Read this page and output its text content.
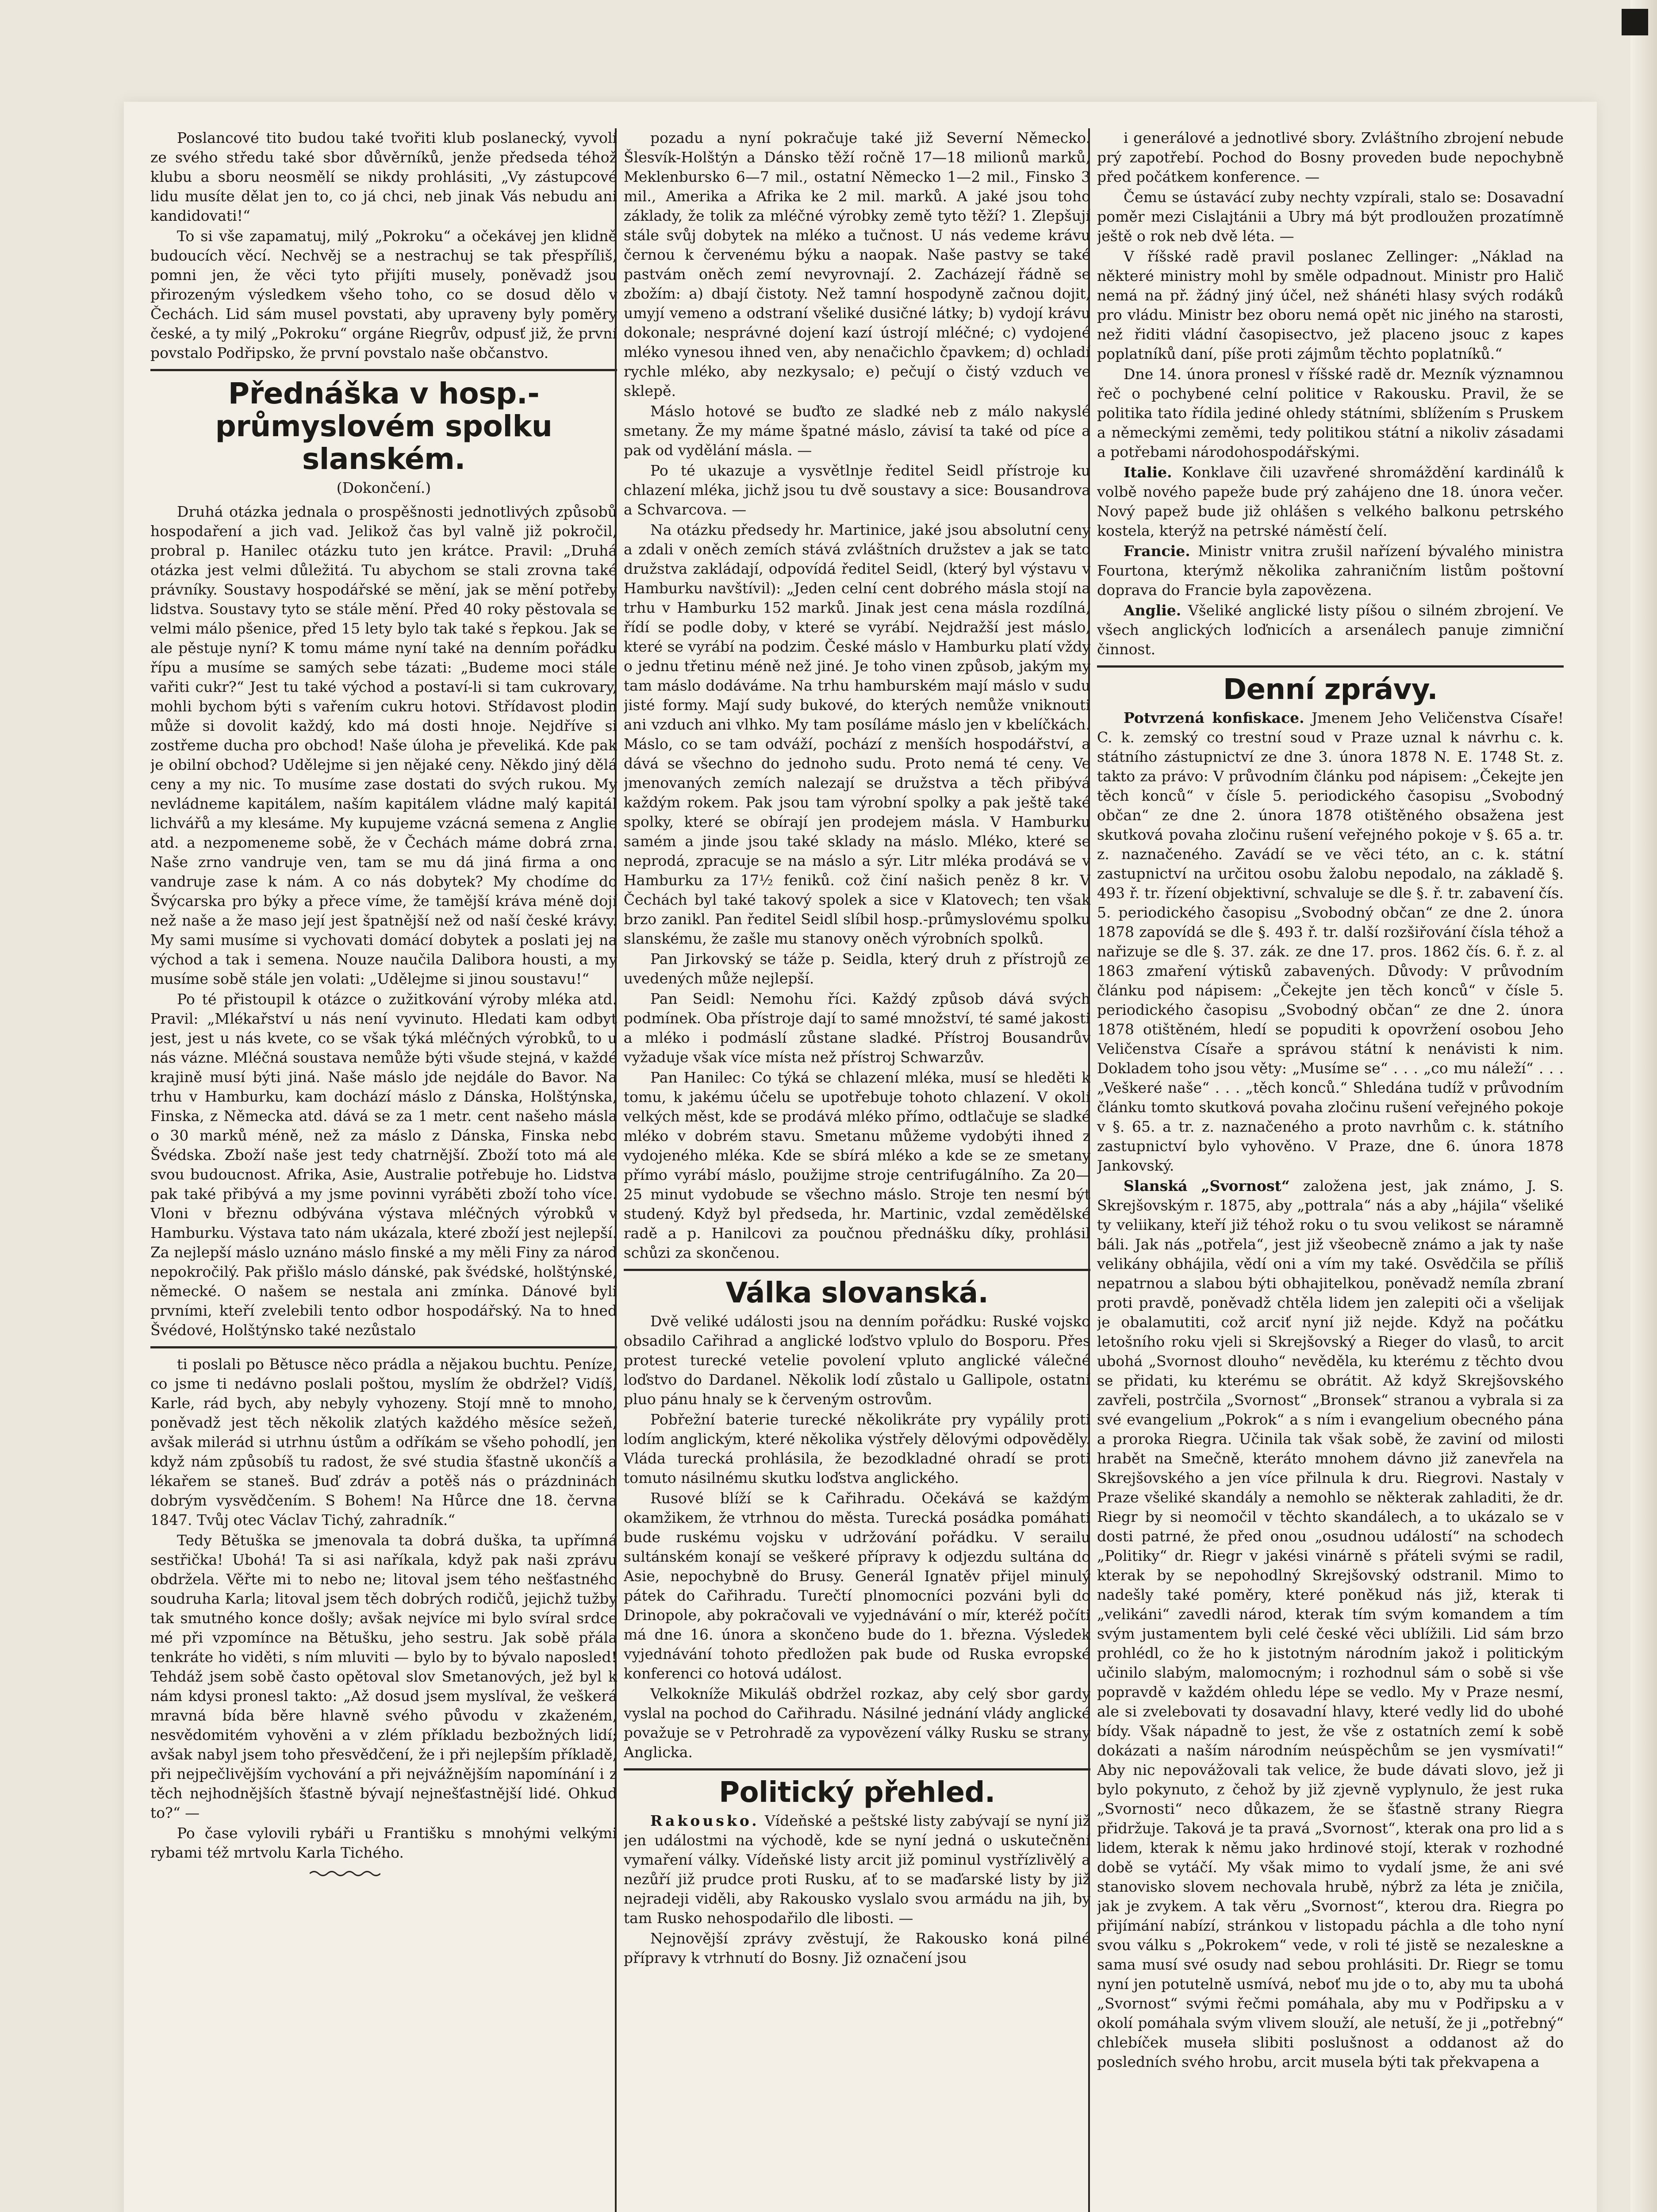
Poslancové tito budou také tvořiti klub poslanecký, vyvolí ze svého středu také sbor důvěrníků, jenže předseda téhož klubu a sboru neosmělí se nikdy prohlásiti, „Vy zástupcové lidu musíte dělat jen to, co já chci, neb jinak Vás nebudu ani kandidovati!“

To si vše zapamatuj, milý „Pokroku“ a očekávej jen klidně budoucích věcí. Nechvěj se a nestrachuj se tak přespříliš, pomni jen, že věci tyto přijíti musely, poněvadž jsou přirozeným výsledkem všeho toho, co se dosud dělo v Čechách. Lid sám musel povstati, aby upraveny byly poměry české, a ty milý „Pokroku“ orgáne Riegrův, odpusť již, že první povstalo Podřipsko, že první povstalo naše občanstvo.

Přednáška v hosp.-průmyslovém spolku slanském.
(Dokončení.)

Druhá otázka jednala o prospěšnosti jednotlivých způsobů hospodaření a jich vad. Jelikož čas byl valně již pokročil, probral p. Hanilec otázku tuto jen krátce. Pravil: „Druhá otázka jest velmi důležitá. Tu abychom se stali zrovna také právníky. Soustavy hospodářské se mění, jak se mění potřeby lidstva. Soustavy tyto se stále mění. Před 40 roky pěstovala se velmi málo pšenice, před 15 lety bylo tak také s řepkou. Jak se ale pěstuje nyní? K tomu máme nyní také na denním pořádku řípu a musíme se samých sebe tázati: „Budeme moci stále vařiti cukr?“ Jest tu také východ a postaví-li si tam cukrovary, mohli bychom býti s vařením cukru hotovi. Střídavost plodin může si dovolit každý, kdo má dosti hnoje. Nejdříve si zostřeme ducha pro obchod! Naše úloha je převeliká. Kde pak je obilní obchod? Udělejme si jen nějaké ceny. Někdo jiný dělá ceny a my nic. To musíme zase dostati do svých rukou. My nevládneme kapitálem, naším kapitálem vládne malý kapitál lichvářů a my klesáme. My kupujeme vzácná semena z Anglie atd. a nezpomeneme sobě, že v Čechách máme dobrá zrna. Naše zrno vandruje ven, tam se mu dá jiná firma a ono vandruje zase k nám. A co nás dobytek? My chodíme do Švýcarska pro býky a přece víme, že tamější kráva méně dojí než naše a že maso její jest špatnější než od naší české krávy. My sami musíme si vychovati domácí dobytek a poslati jej na východ a tak i semena. Nouze naučila Dalibora housti, a my musíme sobě stále jen volati: „Udělejme si jinou soustavu!“

Po té přistoupil k otázce o zužitkování výroby mléka atd. Pravil: „Mlékařství u nás není vyvinuto. Hledati kam odbyt jest, jest u nás kvete, co se však týká mléčných výrobků, to u nás vázne. Mléčná soustava nemůže býti všude stejná, v každé krajině musí býti jiná. Naše máslo jde nejdále do Bavor. Na trhu v Hamburku, kam dochází máslo z Dánska, Holštýnska, Finska, z Německa atd. dává se za 1 metr. cent našeho másla o 30 marků méně, než za máslo z Dánska, Finska nebo Švédska. Zboží naše jest tedy chatrnější. Zboží toto má ale svou budoucnost. Afrika, Asie, Australie potřebuje ho. Lidstva pak také přibývá a my jsme povinni vyráběti zboží toho více. Vloni v březnu odbývána výstava mléčných výrobků v Hamburku. Výstava tato nám ukázala, které zboží jest nejlepší. Za nejlepší máslo uznáno máslo finské a my měli Finy za národ nepokročilý. Pak přišlo máslo dánské, pak švédské, holštýnské, německé. O našem se nestala ani zmínka. Dánové byli prvními, kteří zvelebili tento odbor hospodářský. Na to hned Švédové, Holštýnsko také nezůstalo

ti poslali po Bětusce něco prádla a nějakou buchtu. Peníze, co jsme ti nedávno poslali poštou, myslím že obdržel? Vidíš, Karle, rád bych, aby nebyly vyhozeny. Stojí mně to mnoho, poněvadž jest těch několik zlatých každého měsíce sežeň, avšak milerád si utrhnu ústům a odříkám se všeho pohodlí, jen když nám způsobíš tu radost, že své studia šťastně ukončíš a lékařem se staneš. Buď zdráv a potěš nás o prázdninách dobrým vysvědčením. S Bohem! Na Hůrce dne 18. června 1847. Tvůj otec Václav Tichý, zahradník.“

Tedy Bětuška se jmenovala ta dobrá duška, ta upřímná sestřička! Ubohá! Ta si asi naříkala, když pak naši zprávu obdržela. Věřte mi to nebo ne; litoval jsem tého nešťastného soudruha Karla; litoval jsem těch dobrých rodičů, jejichž tužby tak smutného konce došly; avšak nejvíce mi bylo svíral srdce mé při vzpomínce na Bětušku, jeho sestru. Jak sobě přála tenkráte ho viděti, s ním mluviti — bylo by to bývalo naposled! Tehdáž jsem sobě často opětoval slov Smetanových, jež byl k nám kdysi pronesl takto: „Až dosud jsem myslíval, že veškerá mravná bída běre hlavně svého původu v zkaženém, nesvědomitém vyhověni a v zlém příkladu bezbožných lidí; avšak nabyl jsem toho přesvědčení, že i při nejlepším příkladě, při nejpečlivějším vychování a při nejvážnějším napomínání i z těch nejhodnějších šťastně bývají nejnešťastnější lidé. Ohkud to?“ —

Po čase vylovili rybáři u Františku s mnohými velkými rybami též mrtvolu Karla Tichého.

pozadu a nyní pokračuje také již Severní Německo. Šlesvík-Holštýn a Dánsko těží ročně 17—18 milionů marků, Meklenbursko 6—7 mil., ostatní Německo 1—2 mil., Finsko 3 mil., Amerika a Afrika ke 2 mil. marků. A jaké jsou toho základy, že tolik za mléčné výrobky země tyto těží? 1. Zlepšují stále svůj dobytek na mléko a tučnost. U nás vedeme krávu černou k červenému býku a naopak. Naše pastvy se také pastvám oněch zemí nevyrovnají. 2. Zacházejí řádně se zbožím: a) dbají čistoty. Než tamní hospodyně začnou dojit, umyjí vemeno a odstraní všeliké dusičné látky; b) vydojí krávu dokonale; nesprávné dojení kazí ústrojí mléčné; c) vydojené mléko vynesou ihned ven, aby nenačichlo čpavkem; d) ochladí rychle mléko, aby nezkysalo; e) pečují o čistý vzduch ve sklepě.

Máslo hotové se buďto ze sladké neb z málo nakyslé smetany. Že my máme špatné máslo, závisí ta také od pícе a pak od vydělání másla. —

Po té ukazuje a vysvětlnje ředitel Seidl přístroje ku chlazení mléka, jichž jsou tu dvě soustavy a sice: Bousandrova a Schvarcova. —

Na otázku předsedy hr. Martinice, jaké jsou absolutní ceny a zdali v oněch zemích stává zvláštních družstev a jak se tato družstva zakládají, odpovídá ředitel Seidl, (který byl výstavu v Hamburku navštívil): „Jeden celní cent dobrého másla stojí na trhu v Hamburku 152 marků. Jinak jest cena másla rozdílná, řídí se podle doby, v které se vyrábí. Nejdražší jest máslo, které se vyrábí na podzim. České máslo v Hamburku platí vždy o jednu třetinu méně než jiné. Je toho vinen způsob, jakým my tam máslo dodáváme. Na trhu hamburském mají máslo v sudu jisté formy. Mají sudy bukové, do kterých nemůže vniknouti ani vzduch ani vlhko. My tam posíláme máslo jen v kbelíčkách. Máslo, co se tam odváží, pochází z menších hospodářství, a dává se všechno do jednoho sudu. Proto nemá té ceny. Ve jmenovaných zemích nalezají se družstva a těch přibývá každým rokem. Pak jsou tam výrobní spolky a pak ještě také spolky, které se obírají jen prodejem másla. V Hamburku samém a jinde jsou také sklady na máslo. Mléko, které se neprodá, zpracuje se na máslo a sýr. Litr mléka prodává se v Hamburku za 17½ feniků. což činí našich peněz 8 kr. V Čechách byl také takový spolek a sice v Klatovech; ten však brzo zanikl. Pan ředitel Seidl slíbil hosp.-průmyslovému spolku slanskému, že zašle mu stanovy oněch výrobních spolků.

Pan Jirkovský se táže p. Seidla, který druh z přístrojů ze uvedených může nejlepší.

Pan Seidl: Nemohu říci. Každý způsob dává svých podmínek. Oba přístroje dají to samé množství, té samé jakosti a mléko i podmáslí zůstane sladké. Přístroj Bousandrův vyžaduje však více místa než přístroj Schwarzův.

Pan Hanilec: Co týká se chlazení mléka, musí se hleděti k tomu, k jakému účelu se upotřebuje tohoto chlazení. V okolí velkých měst, kde se prodává mléko přímo, odtlačuje se sladké mléko v dobrém stavu. Smetanu můžeme vydobýti ihned z vydojeného mléka. Kde se sbírá mléko a kde se ze smetany přímo vyrábí máslo, použijme stroje centrifugálního. Za 20—25 minut vydobude se všechno máslo. Stroje ten nesmí být studený. Když byl předseda, hr. Martinic, vzdal zemědělské radě a p. Hanilcovi za poučnou přednášku díky, prohlásil schůzi za skončenou.

Válka slovanská.

Dvě veliké události jsou na denním pořádku: Ruské vojsko obsadilo Cařihrad a anglické loďstvo vplulo do Bosporu. Přes protest turecké vetelie povolení vpluto anglické válečné loďstvo do Dardanel. Několik lodí zůstalo u Gallipole, ostatní pluo pánu hnaly se k červeným ostrovům.

Pobřežní baterie turecké několikráte pry vypálily proti lodím anglickým, které několika výstřely dělovými odpověděly. Vláda turecká prohlásila, že bezodkladné ohradí se proti tomuto násilnému skutku loďstva anglického.

Rusové blíží se k Cařihradu. Očekává se každým okamžikem, že vtrhnou do města. Turecká posádka pomáhati bude ruskému vojsku v udržování pořádku. V serailu sultánském konají se veškeré přípravy k odjezdu sultána do Asie, nepochybně do Brusy. Generál Ignatěv přijel minulý pátek do Cařihradu. Turečtí plnomocníci pozváni byli do Drinopole, aby pokračovali ve vyjednávání o mír, kteréž počíti má dne 16. února a skončeno bude do 1. března. Výsledek vyjednávání tohoto předložen pak bude od Ruska evropské konferenci co hotová událost.

Velkokníže Mikuláš obdržel rozkaz, aby celý sbor gardy vyslal na pochod do Cařihradu. Násilné jednání vlády anglické považuje se v Petrohradě za vypovězení války Rusku se strany Anglicka.

Politický přehled.

Rakousko. Vídeňské a peštské listy zabývají se nyní již jen událostmi na východě, kde se nyní jedná o uskutečnění vymaření války. Vídeňské listy arcit již pominul vystřízlivělý a nezůří již prudce proti Rusku, ať to se maďarské listy by již nejradeji viděli, aby Rakousko vyslalo svou armádu na jih, by tam Rusko nehospodařilo dle libosti. —

Nejnovější zprávy zvěstují, že Rakousko koná pilné přípravy k vtrhnutí do Bosny. Již označení jsou

i generálové a jednotlivé sbory. Zvláštního zbrojení nebude prý zapotřebí. Pochod do Bosny proveden bude nepochybně před počátkem konference. —

Čemu se ústavácí zuby nechty vzpírali, stalo se: Dosavadní poměr mezi Cislajtánii a Ubry má být prodloužen prozatímně ještě o rok neb dvě léta. —

V říšské radě pravil poslanec Zellinger: „Náklad na některé ministry mohl by směle odpadnout. Ministr pro Halič nemá na př. žádný jiný účel, než shánéti hlasy svých rodáků pro vládu. Ministr bez oboru nemá opět nic jiného na starosti, než řiditi vládní časopisectvo, jež placeno jsouc z kapes poplatníků daní, píše proti zájmům těchto poplatníků.“

Dne 14. února pronesl v říšské radě dr. Mezník významnou řeč o pochybené celní politice v Rakousku. Pravil, že se politika tato řídila jediné ohledy státními, sblížením s Pruskem a německými zeměmi, tedy politikou státní a nikoliv zásadami a potřebami národohospodářskými.

Italie. Konklave čili uzavřené shromáždění kardinálů k volbě nového papeže bude prý zahájeno dne 18. února večer. Nový papež bude již ohlášen s velkého balkonu petrského kostela, kterýž na petrské náměstí čelí.

Francie. Ministr vnitra zrušil nařízení bývalého ministra Fourtona, kterýmž několika zahraničním listům poštovní doprava do Francie byla zapovězena.

Anglie. Všeliké anglické listy píšou o silném zbrojení. Ve všech anglických loďnicích a arsenálech panuje zimniční činnost.

Denní zprávy.

Potvrzená konfiskace. Jmenem Jeho Veličenstva Císaře! C. k. zemský co trestní soud v Praze uznal k návrhu c. k. státního zástupnictví ze dne 3. února 1878 N. E. 1748 St. z. takto za právo: V průvodním článku pod nápisem: „Čekejte jen těch konců“ v čísle 5. periodického časopisu „Svobodný občan“ ze dne 2. února 1878 otištěného obsažena jest skutková povaha zločinu rušení veřejného pokoje v §. 65 a. tr. z. naznačeného. Zavádí se ve věci této, an c. k. státní zastupnictví na určitou osobu žalobu nepodalo, na základě §. 493 ř. tr. řízení objektivní, schvaluje se dle §. ř. tr. zabavení čís. 5. periodického časopisu „Svobodný občan“ ze dne 2. února 1878 zapovídá se dle §. 493 ř. tr. další rozšiřování čísla téhož a nařizuje se dle §. 37. zák. ze dne 17. pros. 1862 čís. 6. ř. z. al 1863 zmaření výtisků zabavených. Důvody: V průvodním článku pod nápisem: „Čekejte jen těch konců“ v čísle 5. periodického časopisu „Svobodný občan“ ze dne 2. února 1878 otištěném, hledí se popuditi k opovržení osobou Jeho Veličenstva Císaře a správou státní k nenávisti k nim. Dokladem toho jsou věty: „Musíme se“ . . . „co mu náleží“ . . . „Veškeré naše“ . . . „těch konců.“ Shledána tudíž v průvodním článku tomto skutková povaha zločinu rušení veřejného pokoje v §. 65. a tr. z. naznačeného a proto navrhům c. k. státního zastupnictví bylo vyhověno. V Praze, dne 6. února 1878 Jankovský.

Slanská „Svornost“ založena jest, jak známo, J. S. Skrejšovským r. 1875, aby „pottrala“ nás a aby „hájila“ všeliké ty veliikany, kteří již téhož roku o tu svou velikost se náramně báli. Jak nás „potřela“, jest již všeobecně známo a jak ty naše velikány obhájila, vědí oni a vím my také. Osvědčila se příliš nepatrnou a slabou býti obhajitelkou, poněvadž nemíla zbraní proti pravdě, poněvadž chtěla lidem jen zalepiti oči a všelijak je obalamutiti, což arciť nyní již nejde. Když na počátku letošního roku vjeli si Skrejšovský a Rieger do vlasů, to arcit ubohá „Svornost dlouho“ nevěděla, ku kterému z těchto dvou se přidati, ku kterému se obrátit. Až když Skrejšovského zavřeli, postrčila „Svornost“ „Bronsek“ stranou a vybrala si za své evangelium „Pokrok“ a s ním i evangelium obecného pána a proroka Riegra. Učinila tak však sobě, že zaviní od milosti hrabět na Smečně, kteráto mnohem dávno již zanevřela na Skrejšovského a jen více přilnula k dru. Riegrovi. Nastaly v Praze všeliké skandály a nemohlo se některak zahladiti, že dr. Riegr by si neomočil v těchto skandálech, a to ukázalo se v dosti patrné, že před onou „osudnou událostí“ na schodech „Politiky“ dr. Riegr v jakési vinárně s přáteli svými se radil, kterak by se nepohodlný Skrejšovský odstranil. Mimo to nadešly také poměry, které poněkud nás již, kterak ti „velikáni“ zavedli národ, kterak tím svým komandem a tím svým justamentem byli celé české věci ublížili. Lid sám brzo prohlédl, co že ho k jistotným národním jakož i politickým učinilo slabým, malomocným; i rozhodnul sám o sobě si vše popravdě v každém ohledu lépe se vedlo. My v Praze nesmí, ale si zvelebovati ty dosavadní hlavy, které vedly lid do ubohé bídy. Však nápadně to jest, že vše z ostatních zemí k sobě dokázati a naším národním neúspěchům se jen vysmívati!“ Aby nic nepovážovali tak velice, že bude dávati slovo, jež ji bylo pokynuto, z čehož by již zjevně vyplynulo, že jest ruka „Svornosti“ neco důkazem, že se šťastně strany Riegra přidržuje. Taková je ta pravá „Svornost“, kterak ona pro lid a s lidem, kterak k němu jako hrdinové stojí, kterak v rozhodné době se vytáčí. My však mimo to vydalí jsme, že ani své stanovisko slovem nechovala hrubě, nýbrž za léta je zničila, jak je zvykem. A tak věru „Svornost“, kterou dra. Riegra po přijímání nabízí, stránkou v listopadu páchla a dle toho nyní svou válku s „Pokrokem“ vede, v roli té jistě se nezaleskne a sama musí své osudy nad sebou prohlásiti. Dr. Riegr se tomu nyní jen potutelně usmívá, neboť mu jde o to, aby mu ta ubohá „Svornost“ svými řečmi pomáhala, aby mu v Podřipsku a v okolí pomáhala svým vlivem slouží, ale netuší, že ji „potřebný“ chlebíček museła slibiti poslušnost a oddanost až do posledních svého hrobu, arcit musela býti tak překvapena a
